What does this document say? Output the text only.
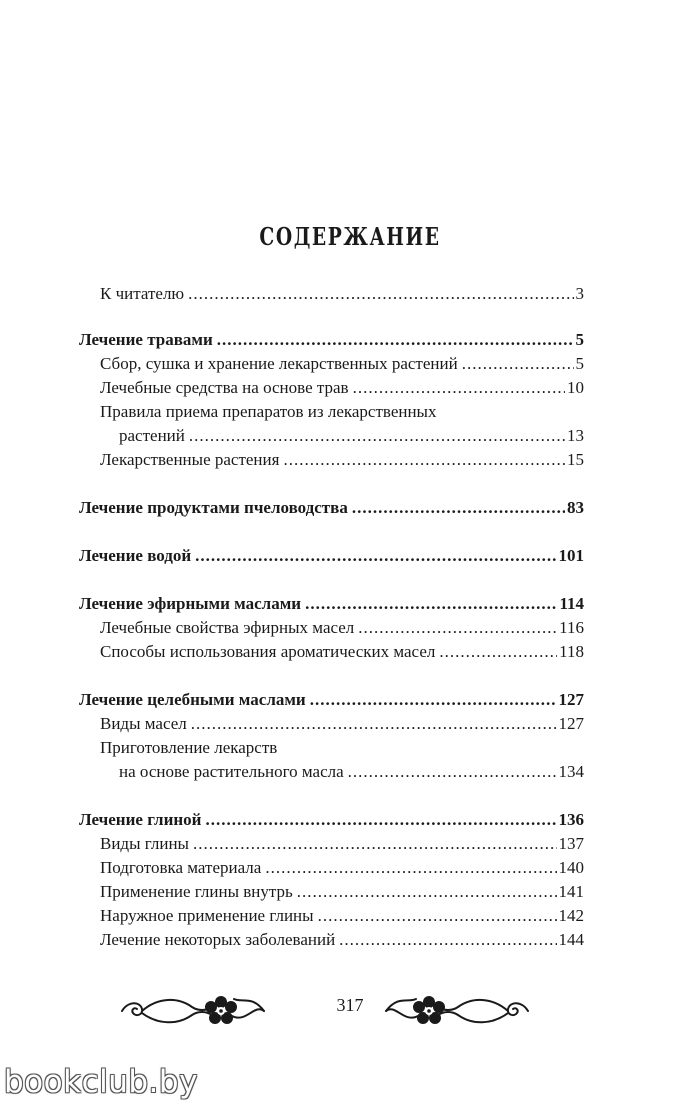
СОДЕРЖАНИЕ
К читателю .....	3
Лечение травами .....	5
Сбор, сушка и хранение лекарственных растений .....	5
Лечебные средства на основе трав .....	10
Правила приема препаратов из лекарственных
растений .....	13
Лекарственные растения .....	15
Лечение продуктами пчеловодства .....	83
Лечение водой .....	101
Лечение эфирными маслами .....	114
Лечебные свойства эфирных масел .....	116
Способы использования ароматических масел .....	118
Лечение целебными маслами .....	127
Виды масел .....	127
Приготовление лекарств
на основе растительного масла .....	134
Лечение глиной .....	136
Виды глины .....	137
Подготовка материала .....	140
Применение глины внутрь .....	141
Наружное применение глины .....	142
Лечение некоторых заболеваний .....	144
317
bookclub.by
